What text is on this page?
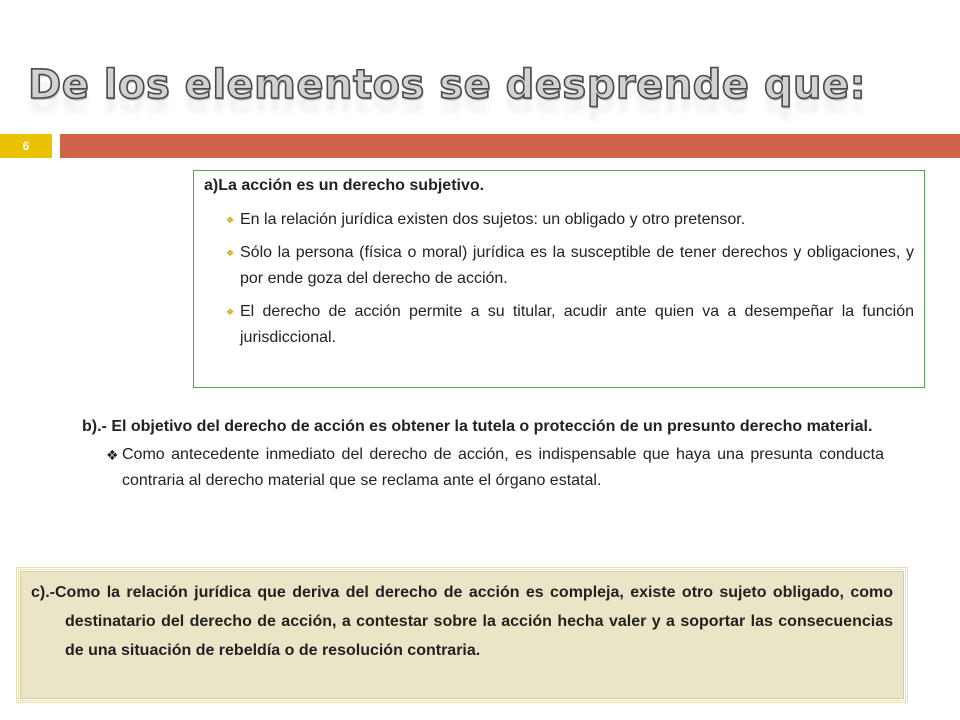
De los elementos se desprende que:
6
a)La acción es un derecho subjetivo.
❖ En la relación jurídica existen dos sujetos: un obligado y otro pretensor.
❖ Sólo la persona (física o moral) jurídica es la susceptible de tener derechos y obligaciones, y por ende goza del derecho de acción.
❖ El derecho de acción permite a su titular, acudir ante quien va a desempeñar la función jurisdiccional.

b).- El objetivo del derecho de acción es obtener la tutela o protección de un presunto derecho material.

❖ Como antecedente inmediato del derecho de acción, es indispensable que haya una presunta conducta contraria al derecho material que se reclama ante el órgano estatal.

c).-Como la relación jurídica que deriva del derecho de acción es compleja, existe otro sujeto obligado, como destinatario del derecho de acción, a contestar sobre la acción hecha valer y a soportar las consecuencias de una situación de rebeldía o de resolución contraria.
